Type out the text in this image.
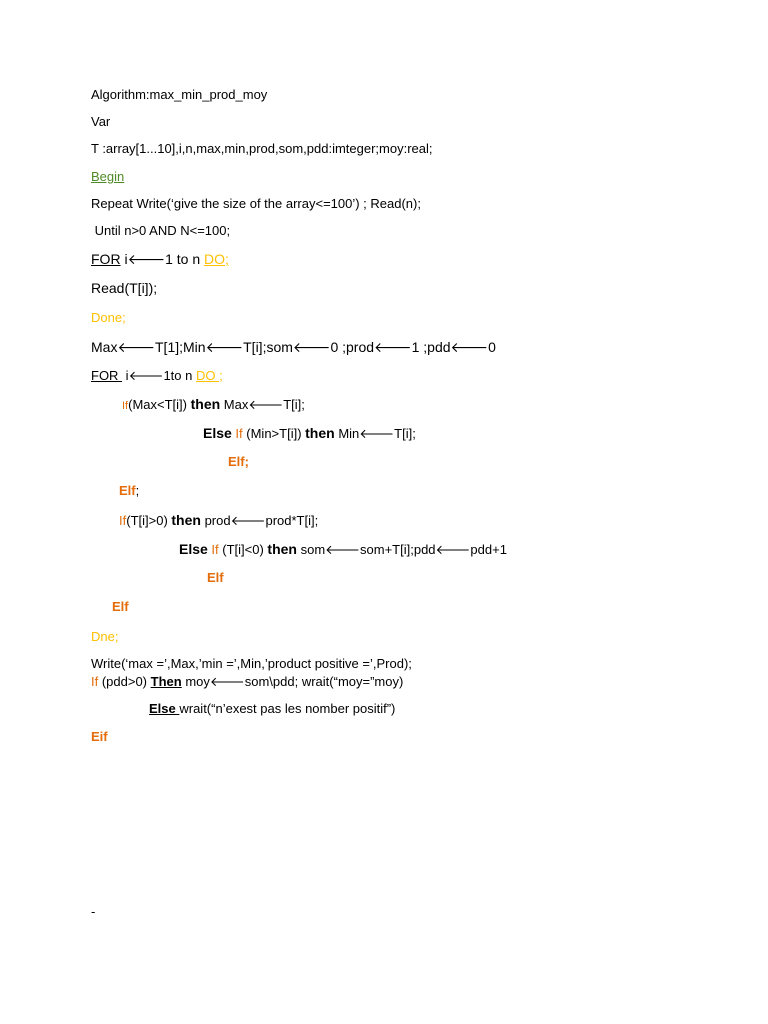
Algorithm:max_min_prod_moy
Var
T :array[1...10],i,n,max,min,prod,som,pdd:imteger;moy:real;
Begin
Repeat Write(‘give the size of the array<=100’) ; Read(n);
Until n>0 AND N<=100;
FOR i🡐1 to n DO;
Read(T[i]);
Done;
Max🡐T[1];Min🡐T[i];som🡐0 ;prod🡐1 ;pdd🡐0
FOR  i🡐1to n DO ;
If(Max<T[i]) then Max🡐T[i];
Else If (Min>T[i]) then Min🡐T[i];
Elf;
Elf;
If(T[i]>0) then prod🡐prod*T[i];
Else If (T[i]<0) then som🡐som+T[i];pdd🡐pdd+1
Elf
Elf
Dne;
Write(‘max =’,Max,’min =’,Min,’product positive =’,Prod);
If (pdd>0) Then moy🡐som\pdd; wrait(“moy=”moy)
Else wrait(“n’exest pas les nomber positif”)
Eif
-
